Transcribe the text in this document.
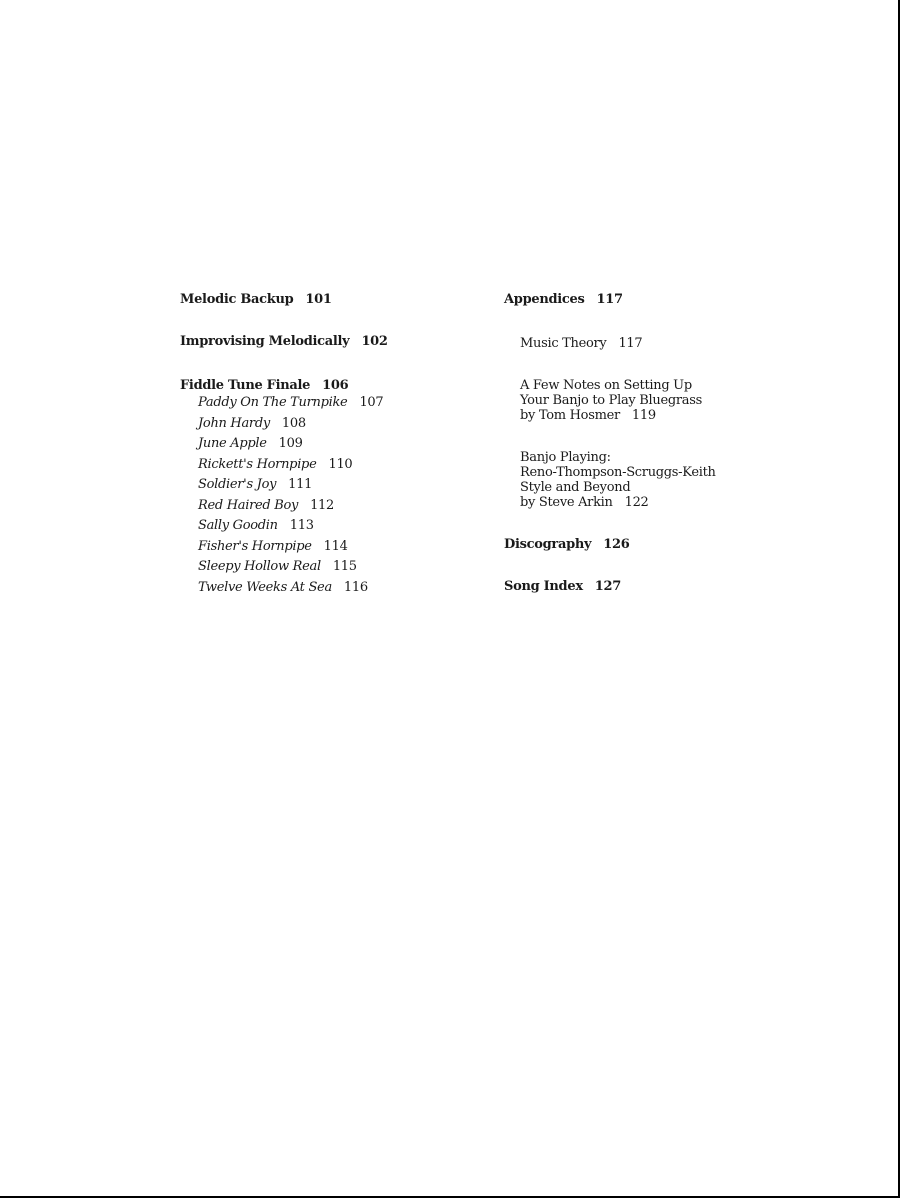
Melodic Backup 101

Improvising Melodically 102

Fiddle Tune Finale 106

Paddy On The Turnpike 107

John Hardy 108

June Apple 109

Rickett's Hornpipe 110

Soldier's Joy 111

Red Haired Boy 112

Sally Goodin 113

Fisher's Hornpipe 114

Sleepy Hollow Real 115

Twelve Weeks At Sea 116

Appendices 117

Music Theory 117

A Few Notes on Setting Up
Your Banjo to Play Bluegrass
by Tom Hosmer 119
Banjo Playing:
Reno-Thompson-Scruggs-Keith
Style and Beyond
by Steve Arkin 122

Discography 126

Song Index 127
